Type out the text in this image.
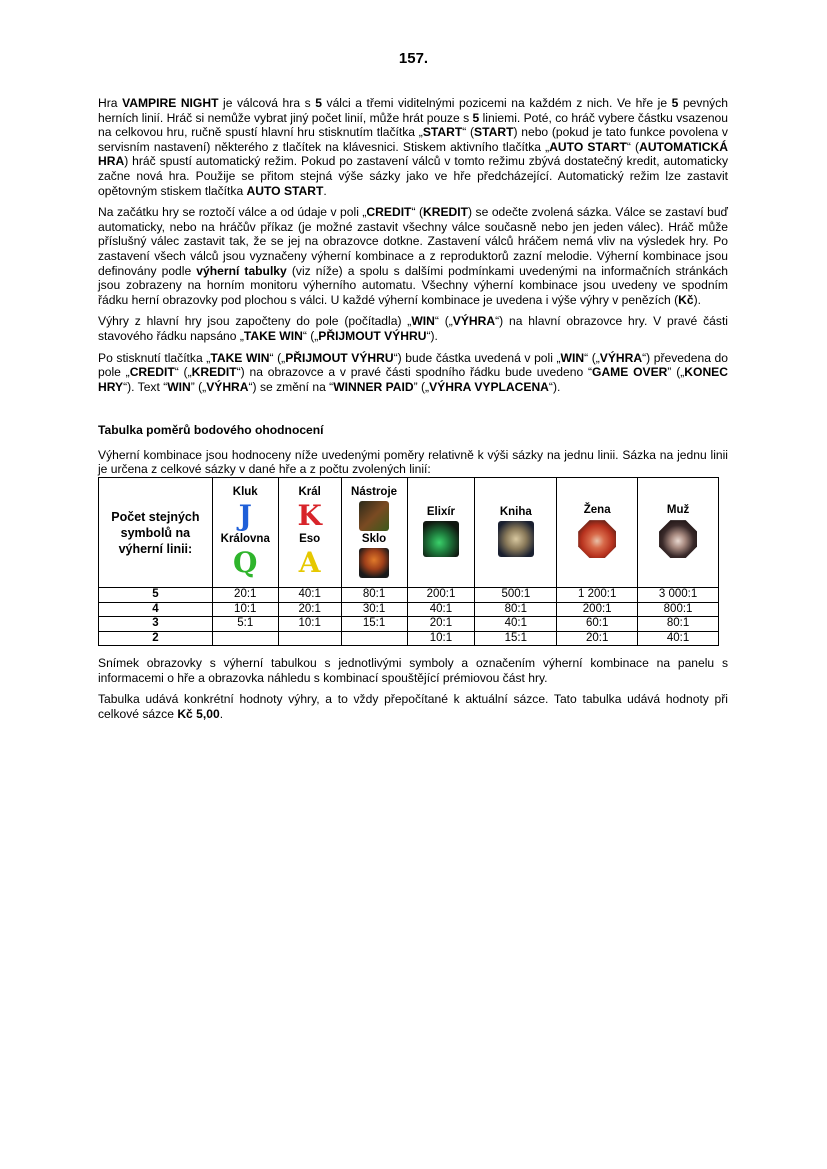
157.

Hra VAMPIRE NIGHT je válcová hra s 5 válci a třemi viditelnými pozicemi na každém z nich. Ve hře je 5 pevných herních linií. Hráč si nemůže vybrat jiný počet linií, může hrát pouze s 5 liniemi. Poté, co hráč vybere částku vsazenou na celkovou hru, ručně spustí hlavní hru stisknutím tlačítka „START“ (START) nebo (pokud je tato funkce povolena v servisním nastavení) některého z tlačítek na klávesnici. Stiskem aktivního tlačítka „AUTO START“ (AUTOMATICKÁ HRA) hráč spustí automatický režim. Pokud po zastavení válců v tomto režimu zbývá dostatečný kredit, automaticky začne nová hra. Použije se přitom stejná výše sázky jako ve hře předcházející. Automatický režim lze zastavit opětovným stiskem tlačítka AUTO START.

Na začátku hry se roztočí válce a od údaje v poli „CREDIT“ (KREDIT) se odečte zvolená sázka. Válce se zastaví buď automaticky, nebo na hráčův příkaz (je možné zastavit všechny válce současně nebo jen jeden válec). Hráč může příslušný válec zastavit tak, že se jej na obrazovce dotkne. Zastavení válců hráčem nemá vliv na výsledek hry. Po zastavení všech válců jsou vyznačeny výherní kombinace a z reproduktorů zazní melodie. Výherní kombinace jsou definovány podle výherní tabulky (viz níže) a spolu s dalšími podmínkami uvedenými na informačních stránkách jsou zobrazeny na horním monitoru výherního automatu. Všechny výherní kombinace jsou uvedeny ve spodním řádku herní obrazovky pod plochou s válci. U každé výherní kombinace je uvedena i výše výhry v penězích (Kč).

Výhry z hlavní hry jsou započteny do pole (počítadla) „WIN“ („VÝHRA“) na hlavní obrazovce hry. V pravé části stavového řádku napsáno „TAKE WIN“ („PŘIJMOUT VÝHRU“).

Po stisknutí tlačítka „TAKE WIN“ („PŘIJMOUT VÝHRU“) bude částka uvedená v poli „WIN“ („VÝHRA“) převedena do pole „CREDIT“ („KREDIT“) na obrazovce a v pravé části spodního řádku bude uvedeno “GAME OVER” („KONEC HRY“). Text “WIN” („VÝHRA“) se změní na “WINNER PAID” („VÝHRA VYPLACENA“).

Tabulka poměrů bodového ohodnocení

Výherní kombinace jsou hodnoceny níže uvedenými poměry relativně k výši sázky na jednu linii. Sázka na jednu linii je určena z celkové sázky v dané hře a z počtu zvolených linií:

Počet stejných symbolů na výherní linii:	Kluk
J
Královna
Q	Král
K
Eso
A	Nástroje
Sklo	Elixír	Kniha	Žena	Muž

5	20:1	40:1	80:1	200:1	500:1	1 200:1	3 000:1
4	10:1	20:1	30:1	40:1	80:1	200:1	800:1
3	5:1	10:1	15:1	20:1	40:1	60:1	80:1
2				10:1	15:1	20:1	40:1

Snímek obrazovky s výherní tabulkou s jednotlivými symboly a označením výherní kombinace na panelu s informacemi o hře a obrazovka náhledu s kombinací spouštějící prémiovou část hry.

Tabulka udává konkrétní hodnoty výhry, a to vždy přepočítané k aktuální sázce. Tato tabulka udává hodnoty při celkové sázce Kč 5,00.
